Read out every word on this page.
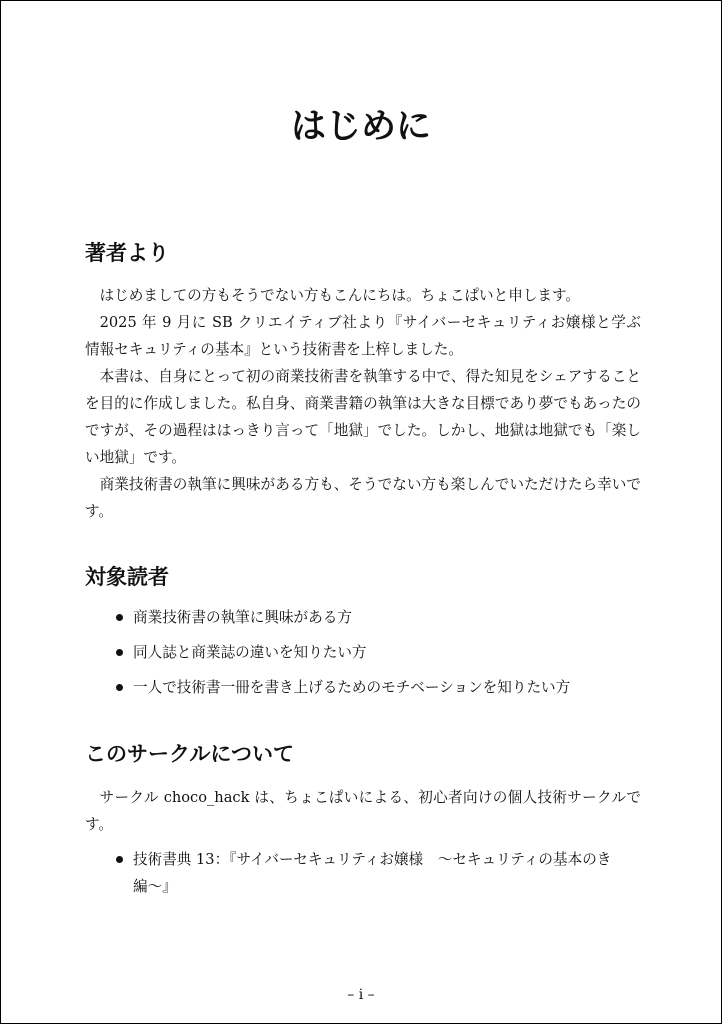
はじめに
著者より

はじめましての方もそうでない方もこんにちは。ちょこぱいと申します。

2025 年 9 月に SB クリエイティブ社より『サイバーセキュリティお嬢様と学ぶ　情報セキュリティの基本』という技術書を上梓しました。

本書は、自身にとって初の商業技術書を執筆する中で、得た知見をシェアすることを目的に作成しました。私自身、商業書籍の執筆は大きな目標であり夢でもあったのですが、その過程ははっきり言って「地獄」でした。しかし、地獄は地獄でも「楽しい地獄」です。

商業技術書の執筆に興味がある方も、そうでない方も楽しんでいただけたら幸いです。

対象読者
商業技術書の執筆に興味がある方
同人誌と商業誌の違いを知りたい方
一人で技術書一冊を書き上げるためのモチベーションを知りたい方
このサークルについて

サークル choco_hack は、ちょこぱいによる、初心者向けの個人技術サークルです。

技術書典 13：『サイバーセキュリティお嬢様　〜セキュリティの基本のき編〜』

– i –
